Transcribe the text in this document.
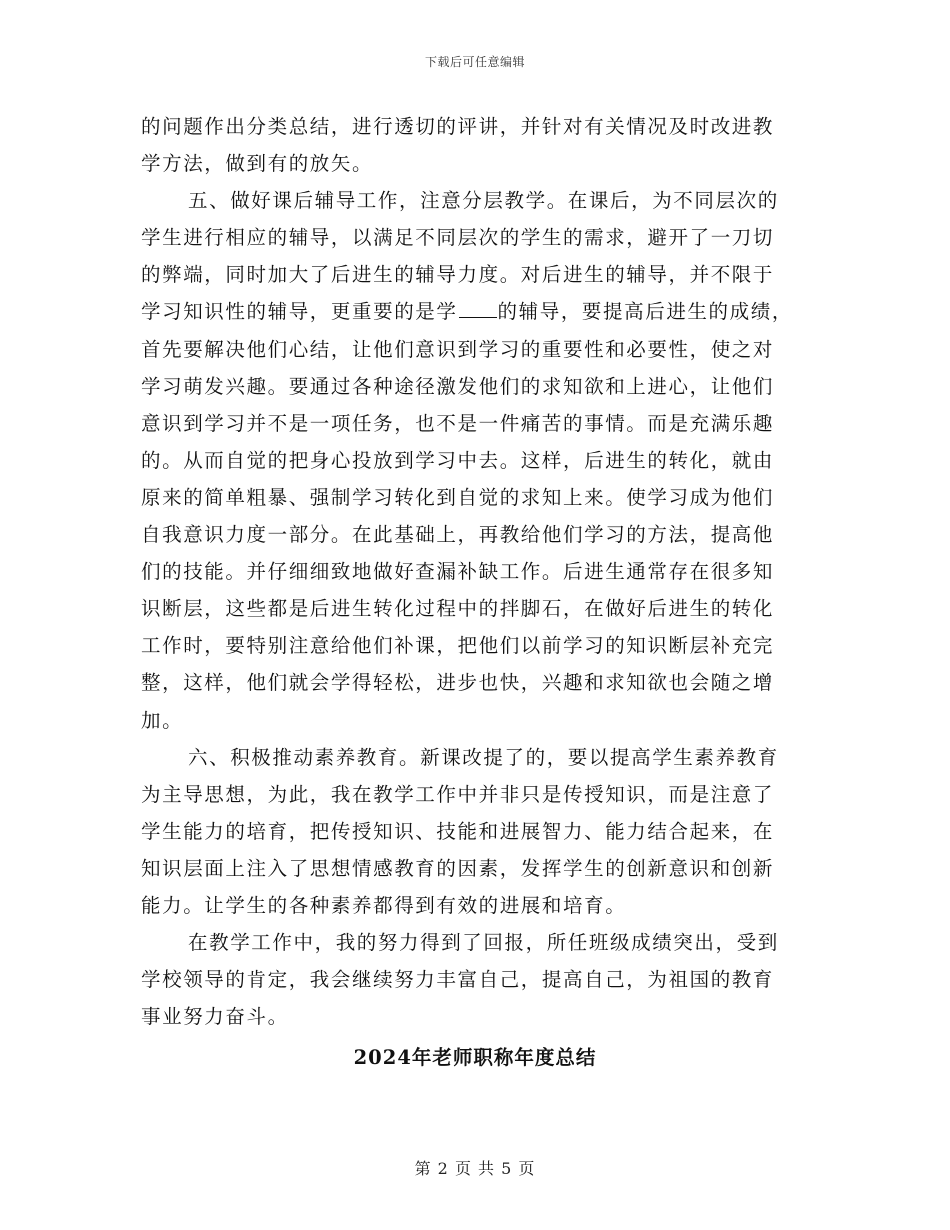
下载后可任意编辑
的问题作出分类总结，进行透切的评讲，并针对有关情况及时改进教
学方法，做到有的放矢。
五、做好课后辅导工作，注意分层教学。在课后，为不同层次的
学生进行相应的辅导，以满足不同层次的学生的需求，避开了一刀切
的弊端，同时加大了后进生的辅导力度。对后进生的辅导，并不限于
学习知识性的辅导，更重要的是学 的辅导，要提高后进生的成绩，
首先要解决他们心结，让他们意识到学习的重要性和必要性，使之对
学习萌发兴趣。要通过各种途径激发他们的求知欲和上进心，让他们
意识到学习并不是一项任务，也不是一件痛苦的事情。而是充满乐趣
的。从而自觉的把身心投放到学习中去。这样，后进生的转化，就由
原来的简单粗暴、强制学习转化到自觉的求知上来。使学习成为他们
自我意识力度一部分。在此基础上，再教给他们学习的方法，提高他
们的技能。并仔细细致地做好查漏补缺工作。后进生通常存在很多知
识断层，这些都是后进生转化过程中的拌脚石，在做好后进生的转化
工作时，要特别注意给他们补课，把他们以前学习的知识断层补充完
整，这样，他们就会学得轻松，进步也快，兴趣和求知欲也会随之增
加。
六、积极推动素养教育。新课改提了的，要以提高学生素养教育
为主导思想，为此，我在教学工作中并非只是传授知识，而是注意了
学生能力的培育，把传授知识、技能和进展智力、能力结合起来，在
知识层面上注入了思想情感教育的因素，发挥学生的创新意识和创新
能力。让学生的各种素养都得到有效的进展和培育。
在教学工作中，我的努力得到了回报，所任班级成绩突出，受到
学校领导的肯定，我会继续努力丰富自己，提高自己，为祖国的教育
事业努力奋斗。
2024年老师职称年度总结
第 2 页 共 5 页
